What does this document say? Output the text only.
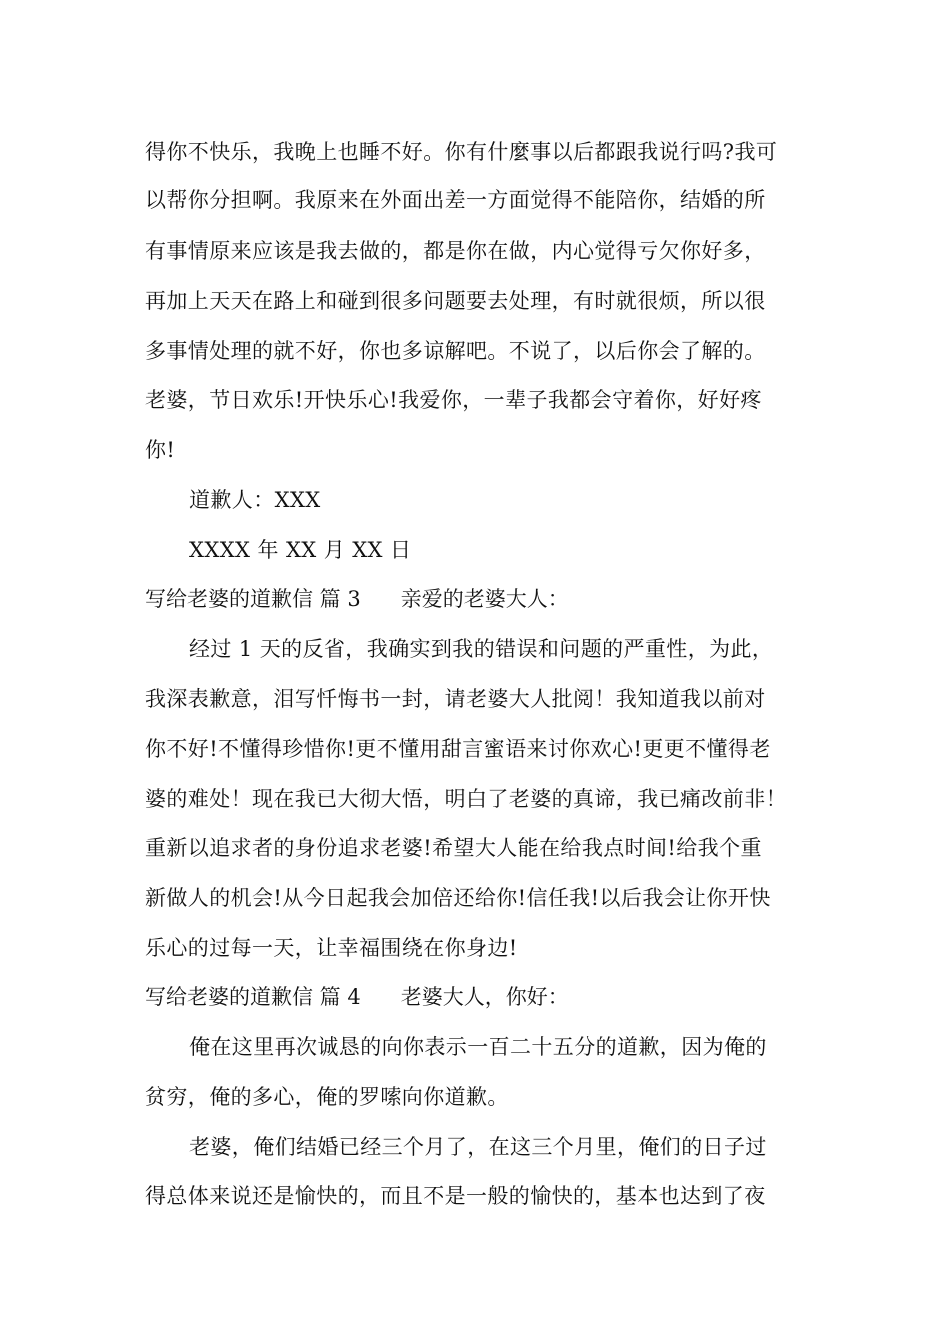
得你不快乐，我晚上也睡不好。你有什麼事以后都跟我说行吗?我可
以帮你分担啊。我原来在外面出差一方面觉得不能陪你，结婚的所
有事情原来应该是我去做的，都是你在做，内心觉得亏欠你好多，
再加上天天在路上和碰到很多问题要去处理，有时就很烦，所以很
多事情处理的就不好，你也多谅解吧。不说了，以后你会了解的。
老婆，节日欢乐!开快乐心!我爱你，一辈子我都会守着你，好好疼
你!
道歉人：XXX
XXXX 年 XX 月 XX 日
写给老婆的道歉信 篇 3 亲爱的老婆大人：
经过 1 天的反省，我确实到我的错误和问题的严重性，为此，
我深表歉意，泪写忏悔书一封，请老婆大人批阅！我知道我以前对
你不好!不懂得珍惜你!更不懂用甜言蜜语来讨你欢心!更更不懂得老
婆的难处！现在我已大彻大悟，明白了老婆的真谛，我已痛改前非！
重新以追求者的身份追求老婆!希望大人能在给我点时间!给我个重
新做人的机会!从今日起我会加倍还给你!信任我!以后我会让你开快
乐心的过每一天，让幸福围绕在你身边!
写给老婆的道歉信 篇 4 老婆大人，你好：
俺在这里再次诚恳的向你表示一百二十五分的道歉，因为俺的
贫穷，俺的多心，俺的罗嗦向你道歉。
老婆，俺们结婚已经三个月了，在这三个月里，俺们的日子过
得总体来说还是愉快的，而且不是一般的愉快的，基本也达到了夜
